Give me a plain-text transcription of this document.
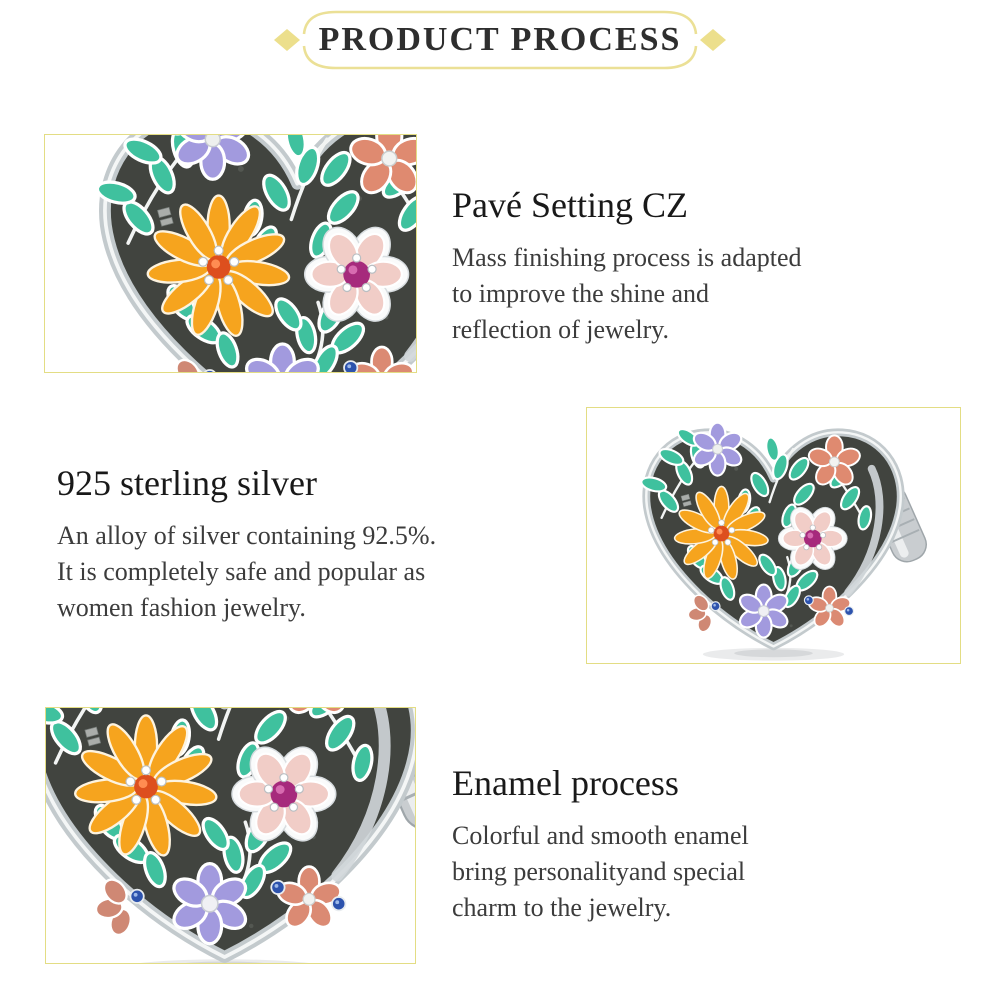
PRODUCT PROCESS
Pavé Setting CZ
Mass finishing process is adapted
to improve the shine and
reflection of jewelry.
925 sterling silver
An alloy of silver containing 92.5%.
It is completely safe and popular as
women fashion jewelry.
Enamel process
Colorful and smooth enamel
bring personalityand special
charm to the jewelry.
